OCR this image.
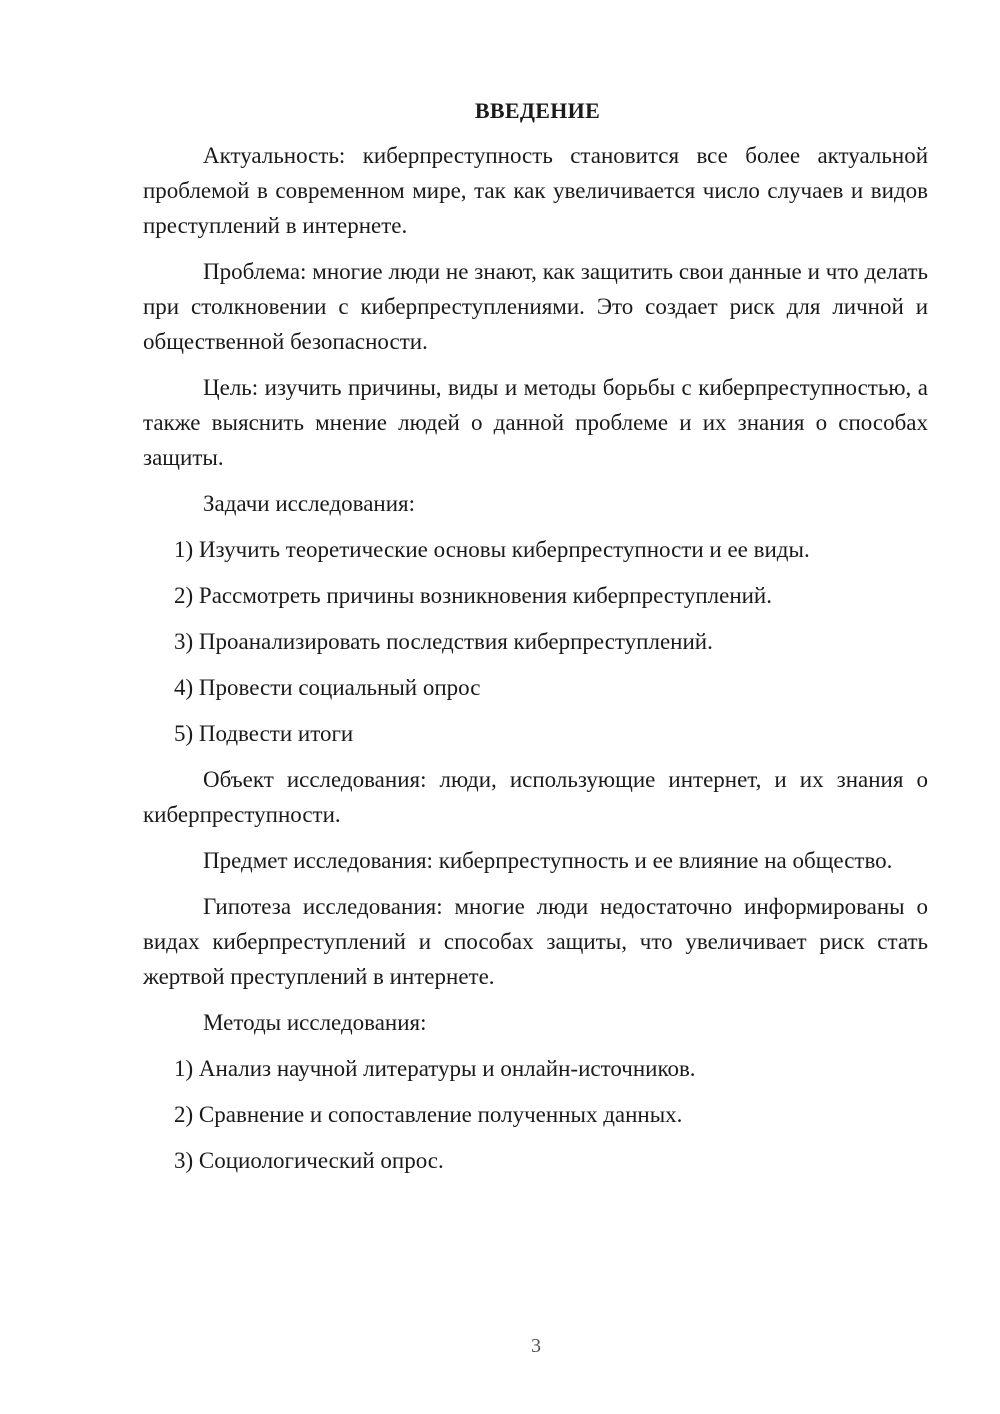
ВВЕДЕНИЕ

Актуальность: киберпреступность становится все более актуальной проблемой в современном мире, так как увеличивается число случаев и видов преступлений в интернете.

Проблема: многие люди не знают, как защитить свои данные и что делать при столкновении с киберпреступлениями. Это создает риск для личной и общественной безопасности.

Цель: изучить причины, виды и методы борьбы с киберпреступностью, а также выяснить мнение людей о данной проблеме и их знания о способах защиты.

Задачи исследования:

1) Изучить теоретические основы киберпреступности и ее виды.

2) Рассмотреть причины возникновения киберпреступлений.

3) Проанализировать последствия киберпреступлений.

4) Провести социальный опрос

5) Подвести итоги

Объект исследования: люди, использующие интернет, и их знания о киберпреступности.

Предмет исследования: киберпреступность и ее влияние на общество.

Гипотеза исследования: многие люди недостаточно информированы о видах киберпреступлений и способах защиты, что увеличивает риск стать жертвой преступлений в интернете.

Методы исследования:

1) Анализ научной литературы и онлайн-источников.

2) Сравнение и сопоставление полученных данных.

3) Социологический опрос.

3
